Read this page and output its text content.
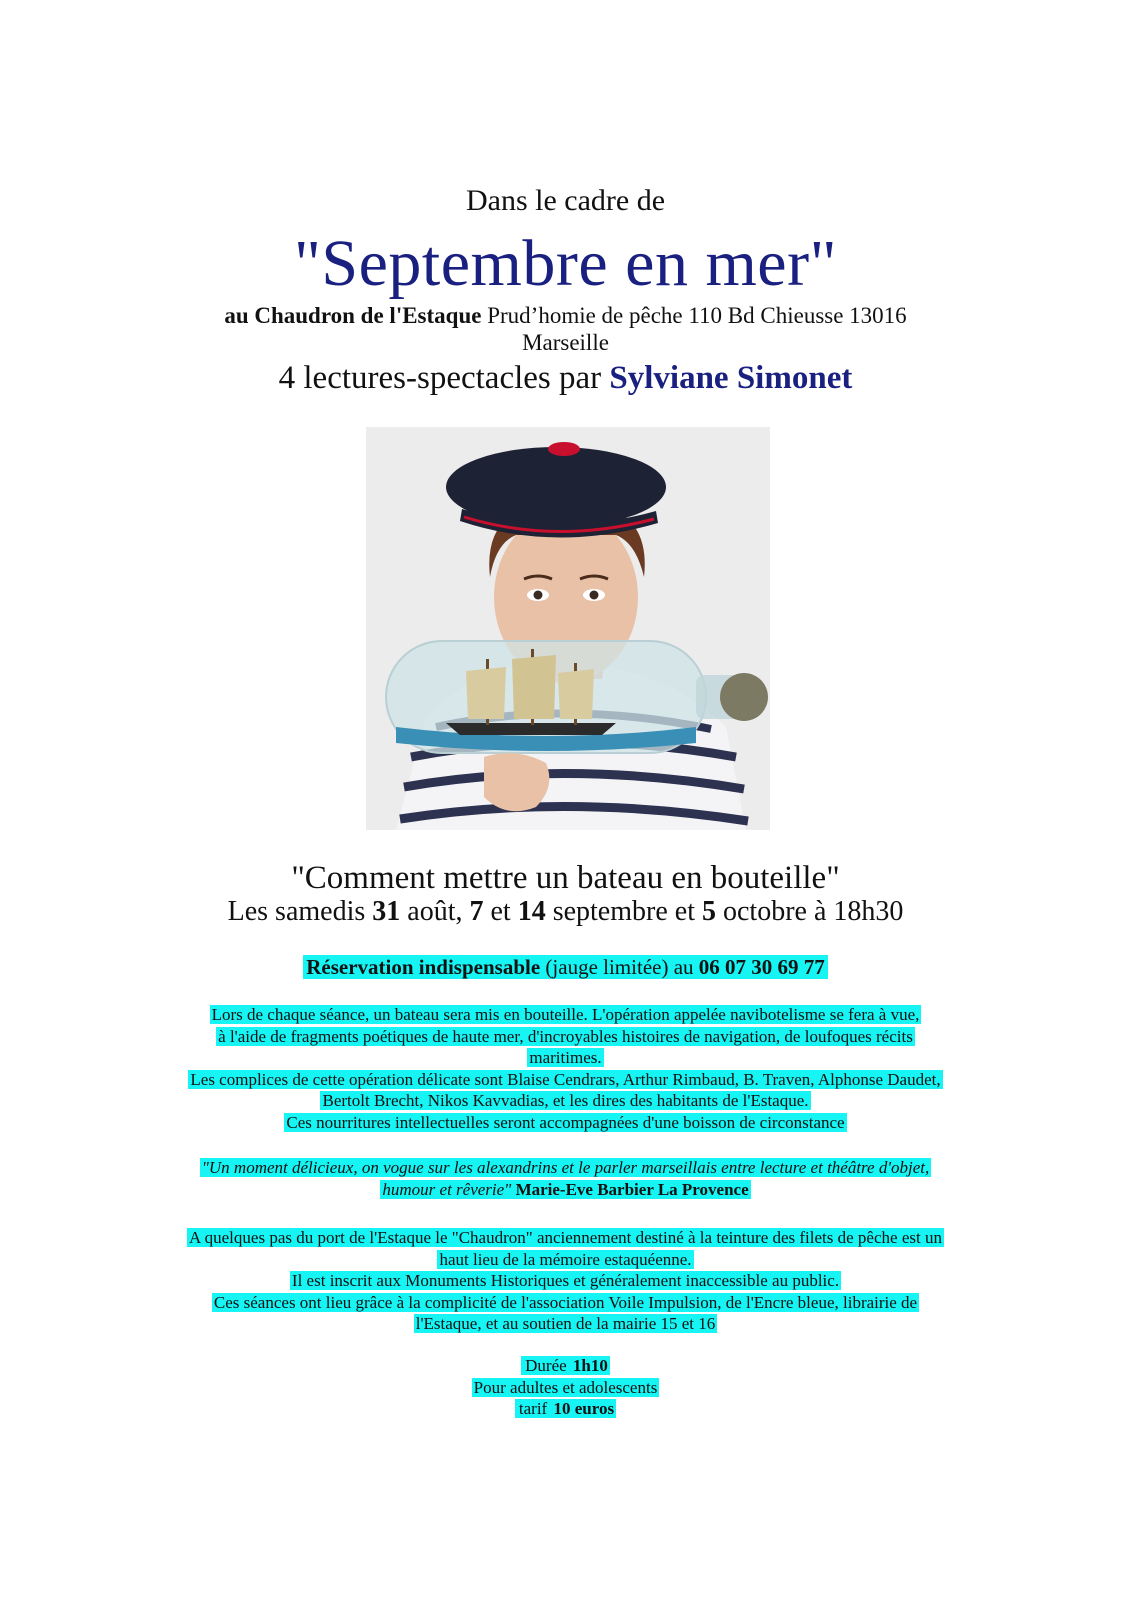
Dans le cadre de
"Septembre en mer"
au Chaudron de l'Estaque Prud’homie de pêche 110 Bd Chieusse 13016
Marseille
4 lectures-spectacles par Sylviane Simonet
"Comment mettre un bateau en bouteille"
Les samedis 31 août, 7 et 14 septembre et 5 octobre à 18h30
Réservation indispensable (jauge limitée) au 06 07 30 69 77
Lors de chaque séance, un bateau sera mis en bouteille. L'opération appelée navibotelisme se fera à vue,
à l'aide de fragments poétiques de haute mer, d'incroyables histoires de navigation, de loufoques récits
maritimes.
Les complices de cette opération délicate sont Blaise Cendrars, Arthur Rimbaud, B. Traven, Alphonse Daudet,
Bertolt Brecht, Nikos Kavvadias, et les dires des habitants de l'Estaque.
Ces nourritures intellectuelles seront accompagnées d'une boisson de circonstance
"Un moment délicieux, on vogue sur les alexandrins et le parler marseillais entre lecture et théâtre d'objet,
humour et rêverie" Marie-Eve Barbier La Provence
A quelques pas du port de l'Estaque le "Chaudron" anciennement destiné à la teinture des filets de pêche est un
haut lieu de la mémoire estaquéenne.
Il est inscrit aux Monuments Historiques et généralement inaccessible au public.
Ces séances ont lieu grâce à la complicité de l'association Voile Impulsion, de l'Encre bleue, librairie de
l'Estaque, et au soutien de la mairie 15 et 16
Durée 1h10
Pour adultes et adolescents
tarif 10 euros
